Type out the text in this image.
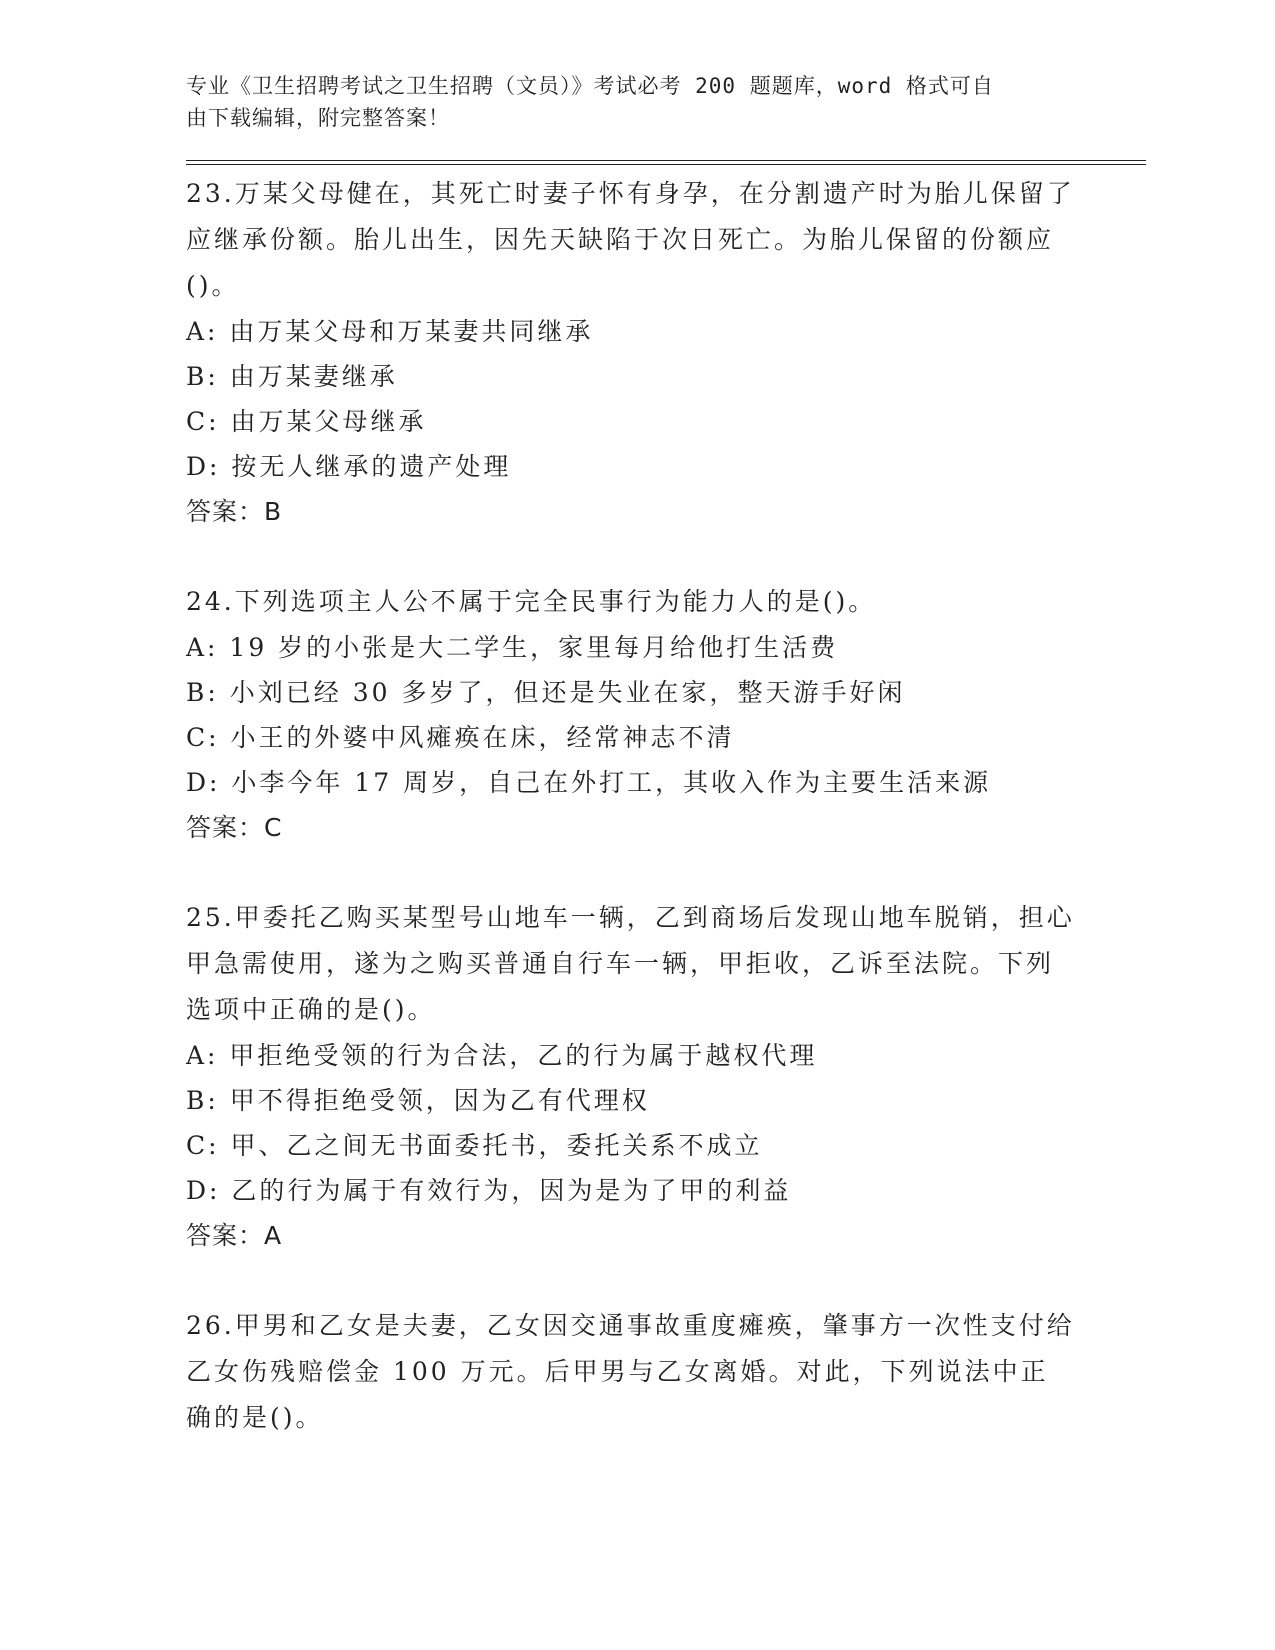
专业《卫生招聘考试之卫生招聘（文员）》考试必考 200 题题库，word 格式可自
由下载编辑，附完整答案！
23.万某父母健在，其死亡时妻子怀有身孕，在分割遗产时为胎儿保留了应继承份额。胎儿出生，因先天缺陷于次日死亡。为胎儿保留的份额应()。
A: 由万某父母和万某妻共同继承
B: 由万某妻继承
C: 由万某父母继承
D: 按无人继承的遗产处理
答案：B
24.下列选项主人公不属于完全民事行为能力人的是()。
A: 19 岁的小张是大二学生，家里每月给他打生活费
B: 小刘已经 30 多岁了，但还是失业在家，整天游手好闲
C: 小王的外婆中风瘫痪在床，经常神志不清
D: 小李今年 17 周岁，自己在外打工，其收入作为主要生活来源
答案：C
25.甲委托乙购买某型号山地车一辆，乙到商场后发现山地车脱销，担心甲急需使用，遂为之购买普通自行车一辆，甲拒收，乙诉至法院。下列选项中正确的是()。
A: 甲拒绝受领的行为合法，乙的行为属于越权代理
B: 甲不得拒绝受领，因为乙有代理权
C: 甲、乙之间无书面委托书，委托关系不成立
D: 乙的行为属于有效行为，因为是为了甲的利益
答案：A
26.甲男和乙女是夫妻，乙女因交通事故重度瘫痪，肇事方一次性支付给乙女伤残赔偿金 100 万元。后甲男与乙女离婚。对此，下列说法中正确的是()。
